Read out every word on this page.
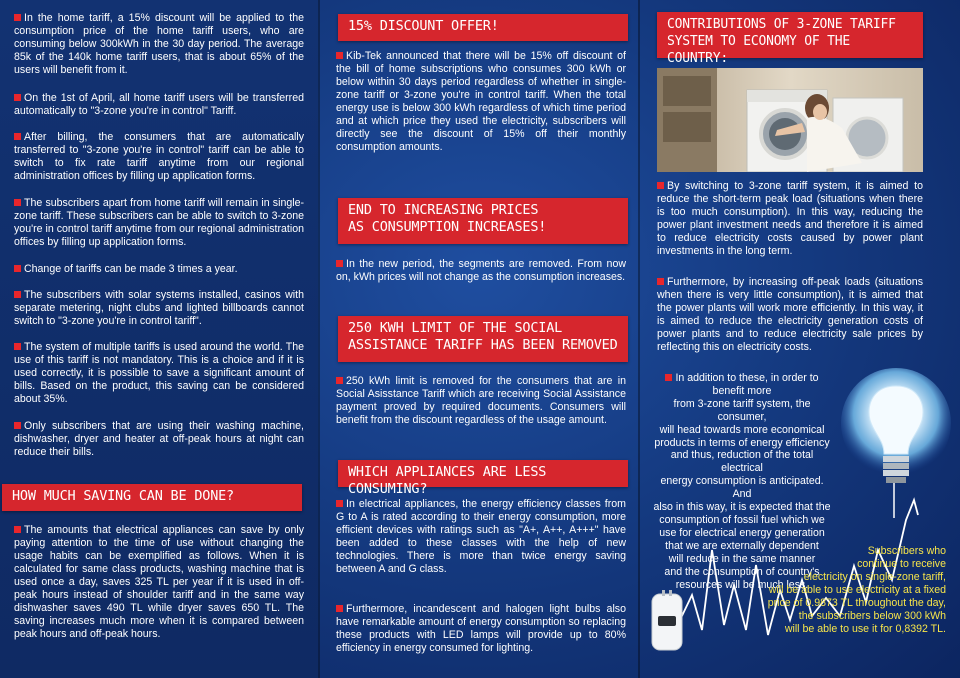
In the home tariff, a 15% discount will be applied to the consumption price of the home tariff users, who are consuming below 300kWh in the 30 day period. The average 85k of the 140k home tariff users, that is about 65% of the users will benefit from it.

On the 1st of April, all home tariff users will be transferred automatically to "3-zone you're in control" Tariff.

After billing, the consumers that are automatically transferred to "3-zone you're in control" tariff can be able to switch to fix rate tariff anytime from our regional administration offices by filling up application forms.

The subscribers apart from home tariff will remain in single-zone tariff. These subscribers can be able to switch to 3-zone you're in control tariff anytime from our regional administration offices by filling up application forms.

Change of tariffs can be made 3 times a year.

The subscribers with solar systems installed, casinos with separate metering, night clubs and lighted billboards cannot switch to "3-zone you're in control tariff".

The system of multiple tariffs is used around the world. The use of this tariff is not mandatory. This is a choice and if it is used correctly, it is possible to save a significant amount of bills. Based on the product, this saving can be considered about 35%.

Only subscribers that are using their washing machine, dishwasher, dryer and heater at off-peak hours at night can reduce their bills.

HOW MUCH SAVING CAN BE DONE?

The amounts that electrical appliances can save by only paying attention to the time of use without changing the usage habits can be exemplified as follows. When it is calculated for same class products, washing machine that is used once a day, saves 325 TL per year if it is used in off-peak hours instead of shoulder tariff and in the same way dishwasher saves 490 TL while dryer saves 650 TL. The saving increases much more when it is compared between peak hours and off-peak hours.

15% DISCOUNT OFFER!

Kib-Tek announced that there will be 15% off discount of the bill of home subscriptions who consumes 300 kWh or below within 30 days period regardless of whether in single-zone tariff or 3-zone you're in control tariff. When the total energy use is below 300 kWh regardless of which time period and at which price they used the electricity, subscribers will directly see the discount of 15% off their monthly consumption amounts.

END TO INCREASING PRICES
AS CONSUMPTION INCREASES!

In the new period, the segments are removed. From now on, kWh prices will not change as the consumption increases.

250 KWH LIMIT OF THE SOCIAL
ASSISTANCE TARIFF HAS BEEN REMOVED

250 kWh limit is removed for the consumers that are in Social Asisstance Tariff which are receiving Social Assistance payment proved by required documents. Consumers will benefit from the discount regardless of the usage amount.

WHICH APPLIANCES ARE LESS CONSUMING?

In electrical appliances, the energy efficiency classes from G to A is rated according to their energy consumption, more efficient devices with ratings such as "A+, A++, A+++" have been added to these classes with the help of new technologies. There is more than twice energy saving between A and G class.

Furthermore, incandescent and halogen light bulbs also have remarkable amount of energy consumption so replacing these products with LED lamps will provide up to 80% efficiency in energy consumed for lighting.

CONTRIBUTIONS OF 3-ZONE TARIFF
SYSTEM TO ECONOMY OF THE COUNTRY:

By switching to 3-zone tariff system, it is aimed to reduce the short-term peak load (situations when there is too much consumption). In this way, reducing the power plant investment needs and therefore it is aimed to reduce electricity costs caused by power plant investments in the long term.

Furthermore, by increasing off-peak loads (situations when there is very little consumption), it is aimed that the power plants will work more efficiently. In this way, it is aimed to reduce the electricity generation costs of power plants and to reduce electricity sale prices by reflecting this on electricity costs.

In addition to these, in order to benefit more
from 3-zone tariff system, the consumer,
will head towards more economical
products in terms of energy efficiency
and thus, reduction of the total electrical
energy consumption is anticipated. And
also in this way, it is expected that the
consumption of fossil fuel which we
use for electrical energy generation
that we are externally dependent
will reduce in the same manner
and the consumption of country's
resources will be much less.
Subscribers who
continue to receive
electricity on single-zone tariff,
will be able to use electricity at a fixed
price of 0.9873 TL throughout the day,
the subscribers below 300 kWh
will be able to use it for 0,8392 TL.
